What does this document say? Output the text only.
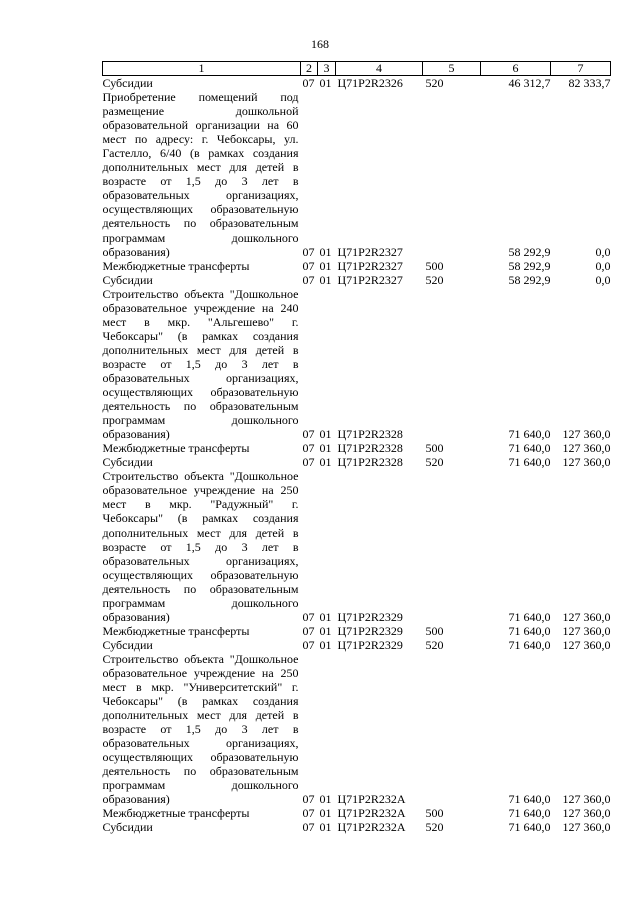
168
1	2	3	4	5	6	7
Субсидии	07	01	Ц71P2R2326	520	46 312,7	82 333,7
Приобретение помещений под размещение дошкольной образовательной организации на 60 мест по адресу: г. Чебоксары, ул. Гастелло, 6/40 (в рамках создания дополнительных мест для детей в возрасте от 1,5 до 3 лет в образовательных организациях, осуществляющих образовательную деятельность по образовательным программам дошкольного образования)	07	01	Ц71P2R2327		58 292,9	0,0
Межбюджетные трансферты	07	01	Ц71P2R2327	500	58 292,9	0,0
Субсидии	07	01	Ц71P2R2327	520	58 292,9	0,0
Строительство объекта "Дошкольное образовательное учреждение на 240 мест в мкр. "Альгешево" г. Чебоксары" (в рамках создания дополнительных мест для детей в возрасте от 1,5 до 3 лет в образовательных организациях, осуществляющих образовательную деятельность по образовательным программам дошкольного образования)	07	01	Ц71P2R2328		71 640,0	127 360,0
Межбюджетные трансферты	07	01	Ц71P2R2328	500	71 640,0	127 360,0
Субсидии	07	01	Ц71P2R2328	520	71 640,0	127 360,0
Строительство объекта "Дошкольное образовательное учреждение на 250 мест в мкр. "Радужный" г. Чебоксары" (в рамках создания дополнительных мест для детей в возрасте от 1,5 до 3 лет в образовательных организациях, осуществляющих образовательную деятельность по образовательным программам дошкольного образования)	07	01	Ц71P2R2329		71 640,0	127 360,0
Межбюджетные трансферты	07	01	Ц71P2R2329	500	71 640,0	127 360,0
Субсидии	07	01	Ц71P2R2329	520	71 640,0	127 360,0
Строительство объекта "Дошкольное образовательное учреждение на 250 мест в мкр. "Университетский" г. Чебоксары" (в рамках создания дополнительных мест для детей в возрасте от 1,5 до 3 лет в образовательных организациях, осуществляющих образовательную деятельность по образовательным программам дошкольного образования)	07	01	Ц71P2R232A		71 640,0	127 360,0
Межбюджетные трансферты	07	01	Ц71P2R232A	500	71 640,0	127 360,0
Субсидии	07	01	Ц71P2R232A	520	71 640,0	127 360,0
